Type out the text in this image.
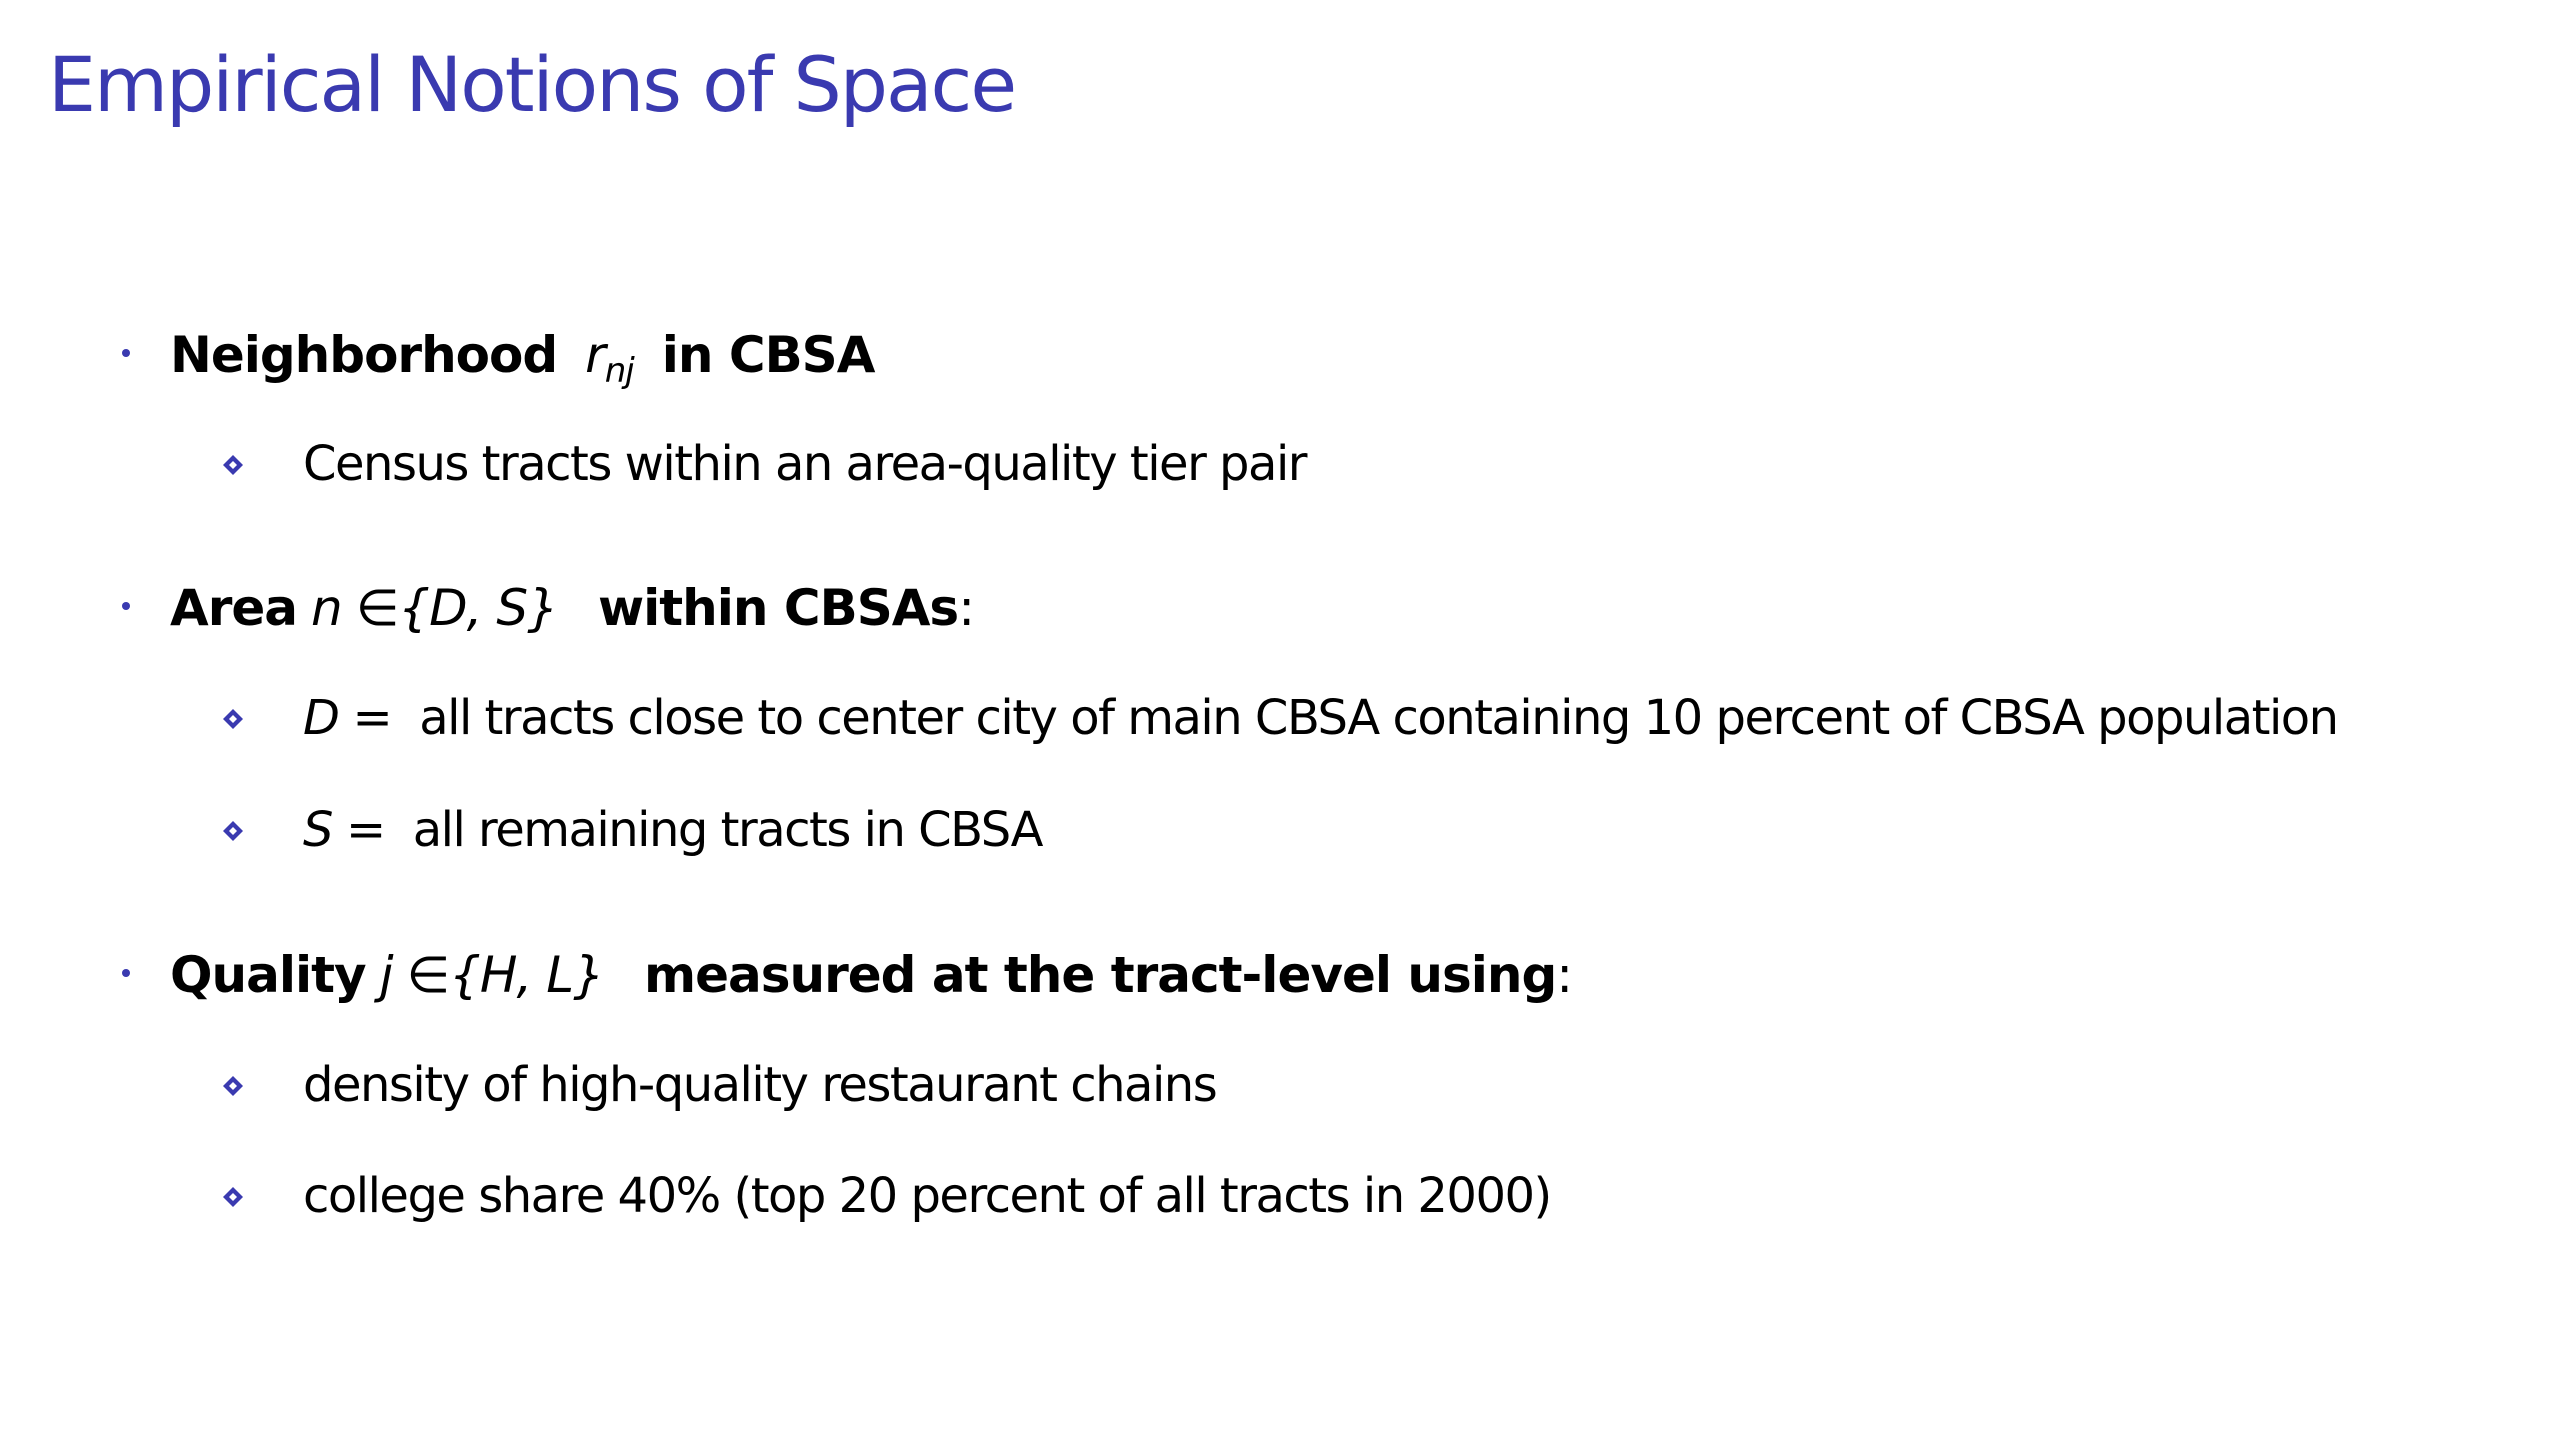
Empirical Notions of Space
Neighborhood $r_{nj}$ in CBSA
Census tracts within an area-quality tier pair
Area n ∈{D, S} within CBSAs:
D = all tracts close to center city of main CBSA containing 10 percent of CBSA population
S = all remaining tracts in CBSA
Quality j ∈{H, L} measured at the tract-level using:
density of high-quality restaurant chains
college share 40% (top 20 percent of all tracts in 2000)
